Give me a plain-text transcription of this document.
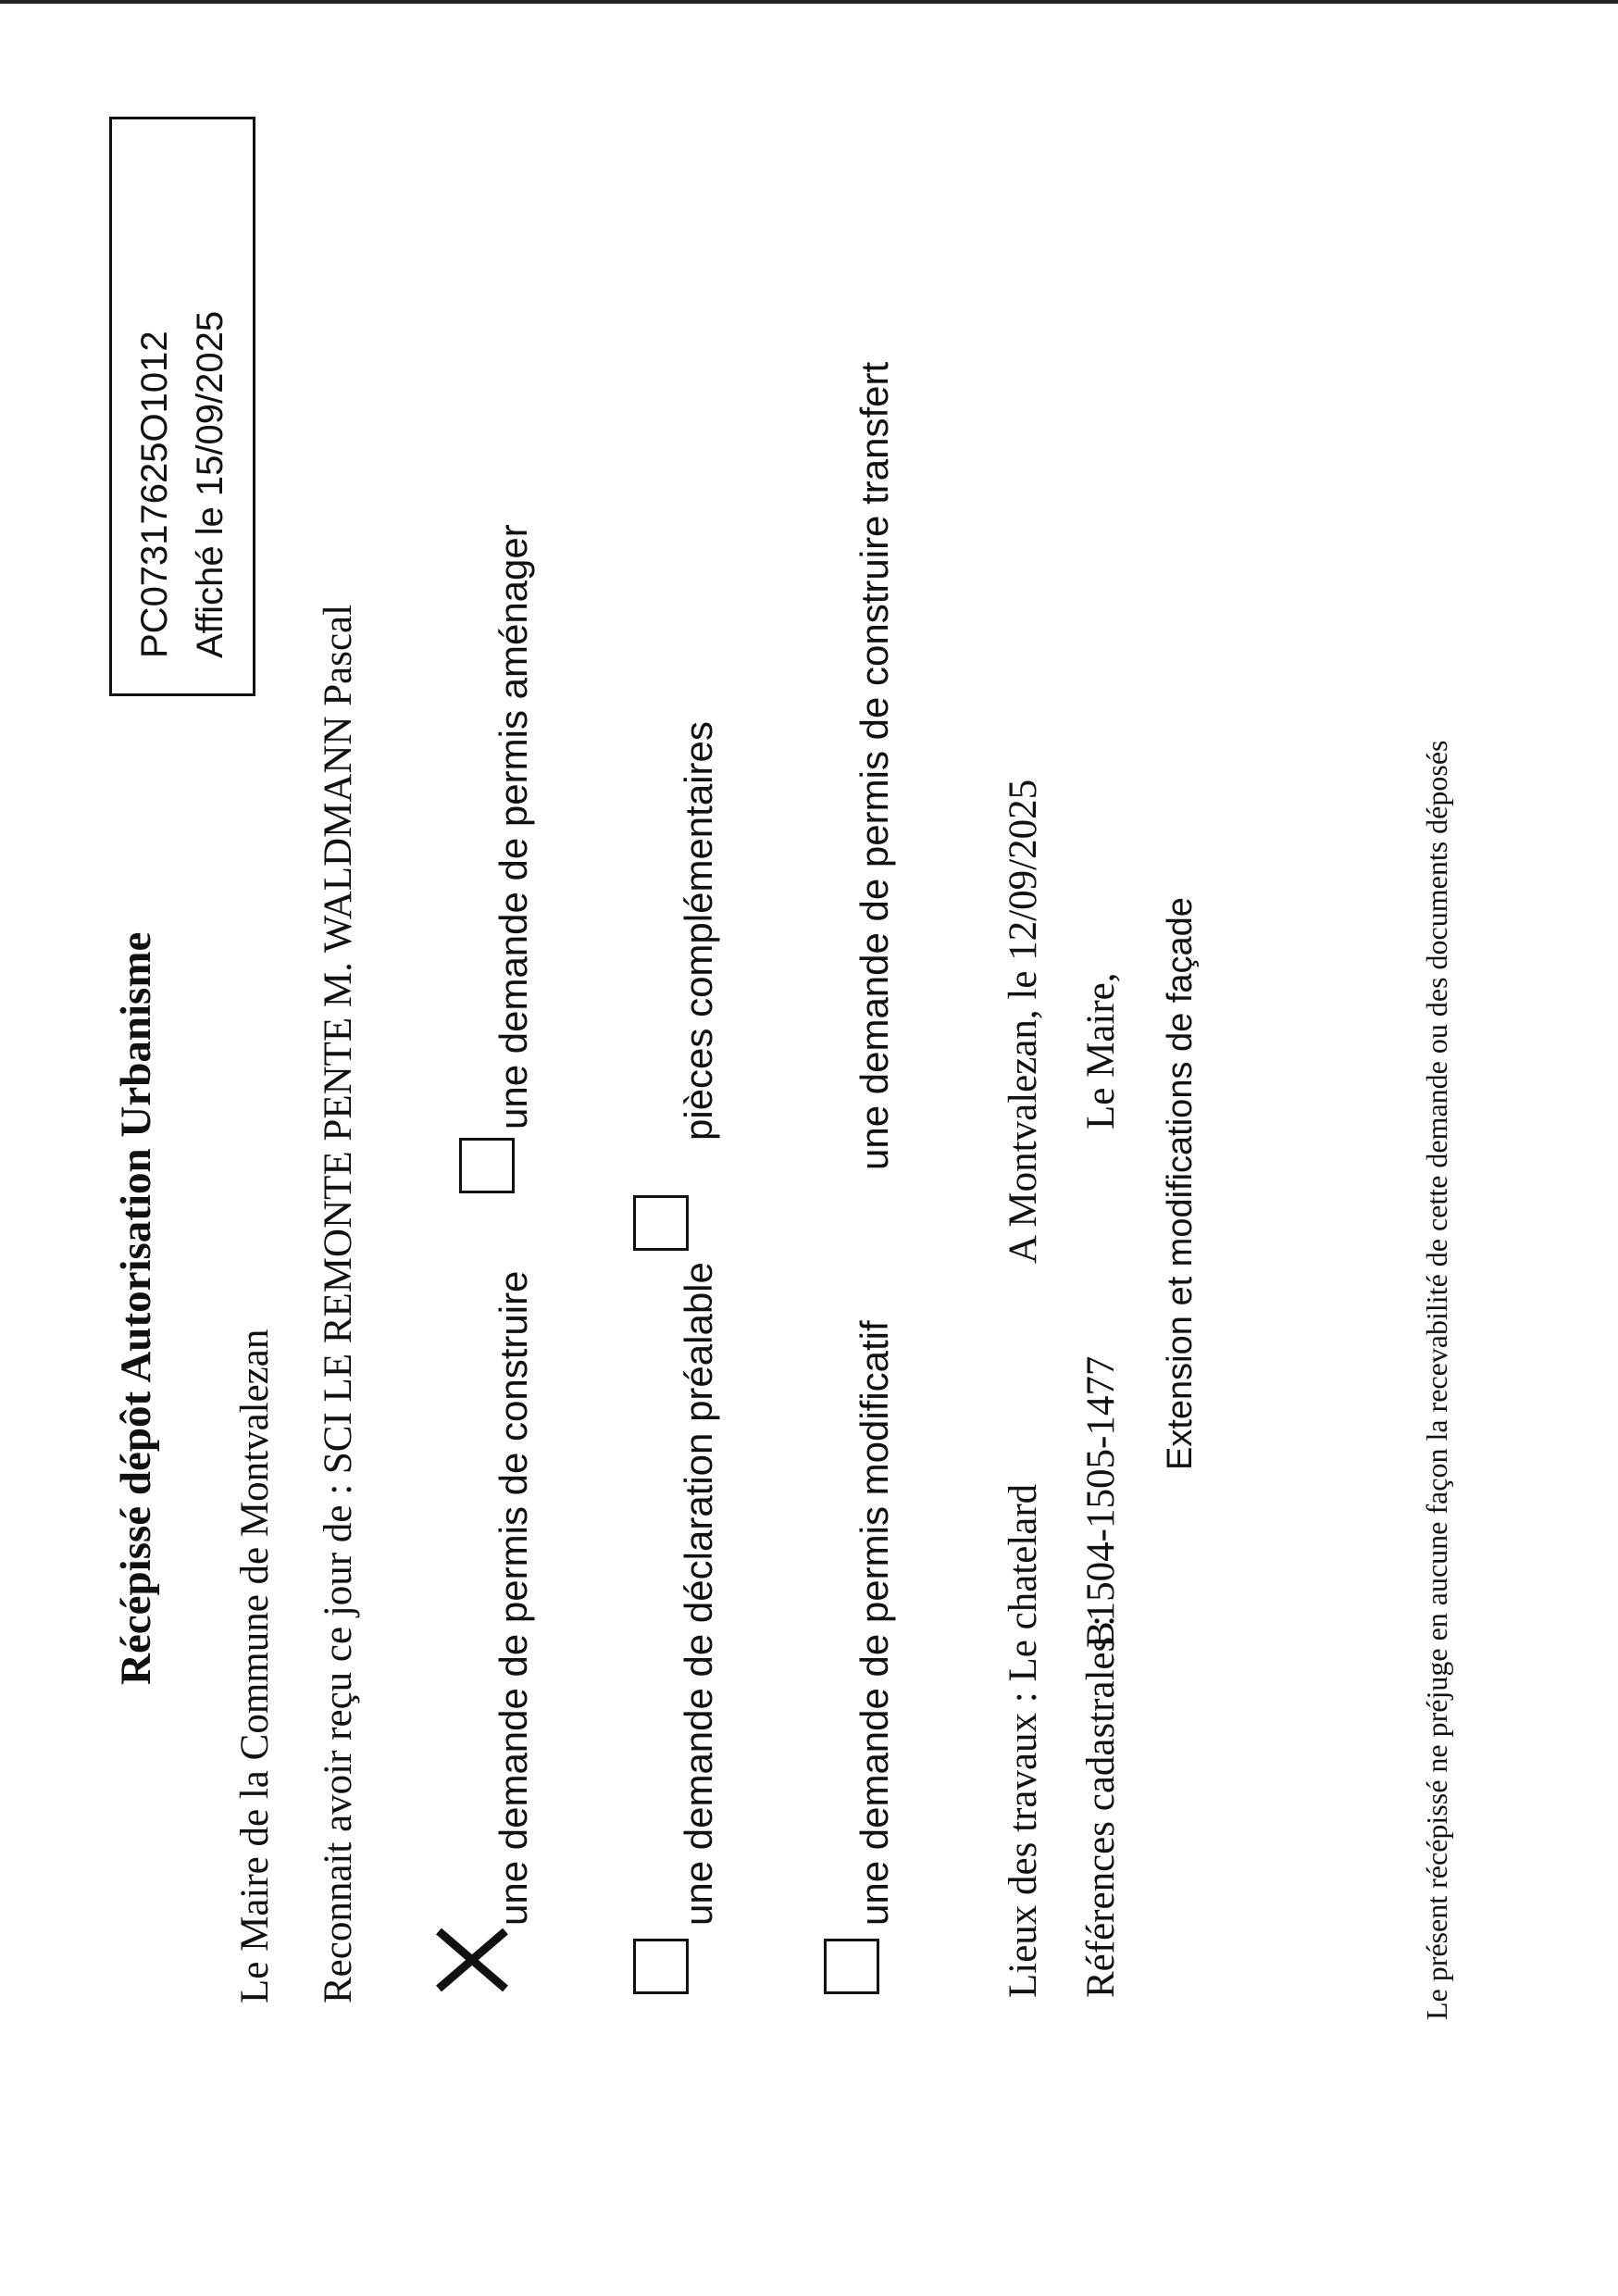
Récépissé dépôt Autorisation Urbanisme
PC07317625O1012 Affiché le 15/09/2025
Le Maire de la Commune de Montvalezan Reconnait avoir reçu ce jour de : SCI LE REMONTE PENTE M. WALDMANN Pascal	une demande de permis de construire
une demande de permis aménager
une demande de déclaration préalable
pièces complémentaires
une demande de permis modificatif
une demande de permis de construire transfert
Lieux des travaux : Le chatelard
A Montvalezan, le 12/09/2025
Références cadastrales :
B1504-1505-1477
Le Maire, Extension et modifications de façade	Le présent récépissé ne préjuge en aucune façon la recevabilité de cette demande ou des documents déposés
